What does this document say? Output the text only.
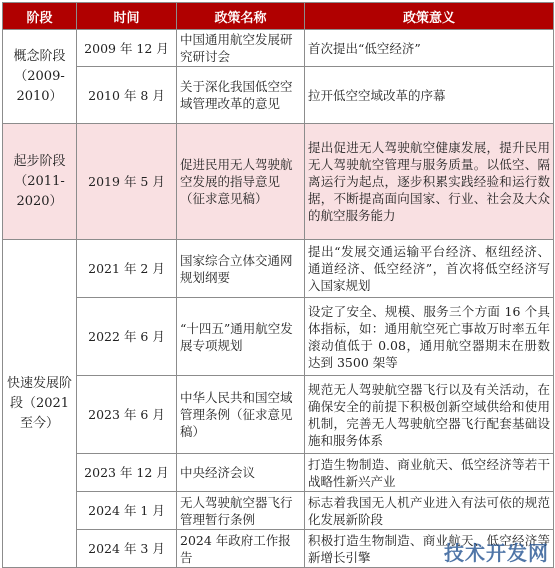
阶段	时间	政策名称	政策意义
概念阶段（2009-2010）	2009 年 12 月	中国通用航空发展研究研讨会	首次提出“低空经济”
	2010 年 8 月	关于深化我国低空空域管理改革的意见	拉开低空空域改革的序幕
起步阶段（2011-2020）	2019 年 5 月	促进民用无人驾驶航空发展的指导意见（征求意见稿）	提出促进无人驾驶航空健康发展，提升民用无人驾驶航空管理与服务质量。以低空、隔离运行为起点，逐步积累实践经验和运行数据，不断提高面向国家、行业、社会及大众的航空服务能力
快速发展阶段（2021 至今）	2021 年 2 月	国家综合立体交通网规划纲要	提出“发展交通运输平台经济、枢纽经济、通道经济、低空经济”，首次将低空经济写入国家规划
	2022 年 6 月	“十四五”通用航空发展专项规划	设定了安全、规模、服务三个方面 16 个具体指标，如：通用航空死亡事故万时率五年滚动值低于 0.08，通用航空器期末在册数达到 3500 架等
	2023 年 6 月	中华人民共和国空域管理条例（征求意见稿）	规范无人驾驶航空器飞行以及有关活动，在确保安全的前提下积极创新空域供给和使用机制，完善无人驾驶航空器飞行配套基础设施和服务体系
	2023 年 12 月	中央经济会议	打造生物制造、商业航天、低空经济等若干战略性新兴产业
	2024 年 1 月	无人驾驶航空器飞行管理暂行条例	标志着我国无人机产业进入有法可依的规范化发展新阶段
	2024 年 3 月	2024 年政府工作报告	积极打造生物制造、商业航天、低空经济等新增长引擎	技术开发网
